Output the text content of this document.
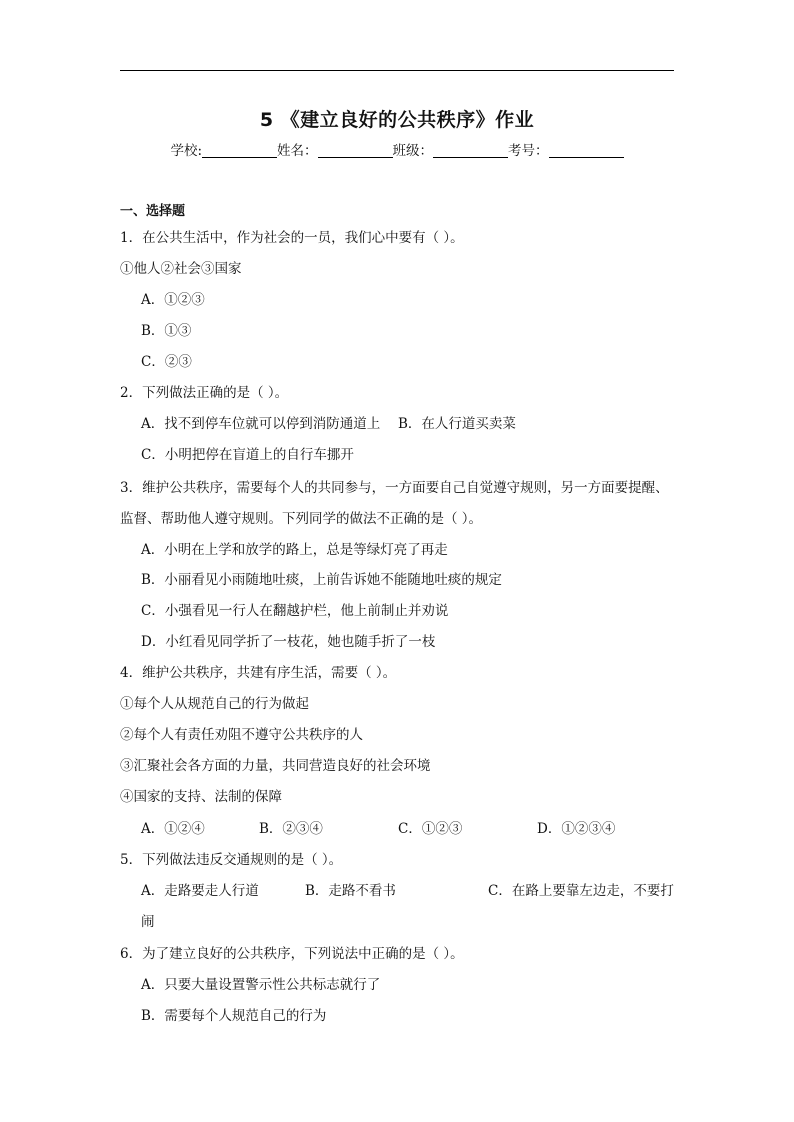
5 《建立良好的公共秩序》作业
学校:	姓名：	班级：	考号：
一、选择题
1．在公共生活中，作为社会的一员，我们心中要有（ ）。
①他人②社会③国家
A．①②③
B．①③
C．②③
2．下列做法正确的是（ ）。
A．找不到停车位就可以停到消防通道上 B．在人行道买卖菜
C．小明把停在盲道上的自行车挪开
3．维护公共秩序，需要每个人的共同参与，一方面要自己自觉遵守规则，另一方面要提醒、
监督、帮助他人遵守规则。下列同学的做法不正确的是（ ）。
A．小明在上学和放学的路上，总是等绿灯亮了再走
B．小丽看见小雨随地吐痰，上前告诉她不能随地吐痰的规定
C．小强看见一行人在翻越护栏，他上前制止并劝说
D．小红看见同学折了一枝花，她也随手折了一枝
4．维护公共秩序，共建有序生活，需要（ ）。
①每个人从规范自己的行为做起
②每个人有责任劝阻不遵守公共秩序的人
③汇聚社会各方面的力量，共同营造良好的社会环境
④国家的支持、法制的保障
A．①②④	B．②③④	C．①②③	D．①②③④
5．下列做法违反交通规则的是（ ）。
A．走路要走人行道	B．走路不看书	C．在路上要靠左边走，不要打
闹
6．为了建立良好的公共秩序，下列说法中正确的是（ ）。
A．只要大量设置警示性公共标志就行了
B．需要每个人规范自己的行为
